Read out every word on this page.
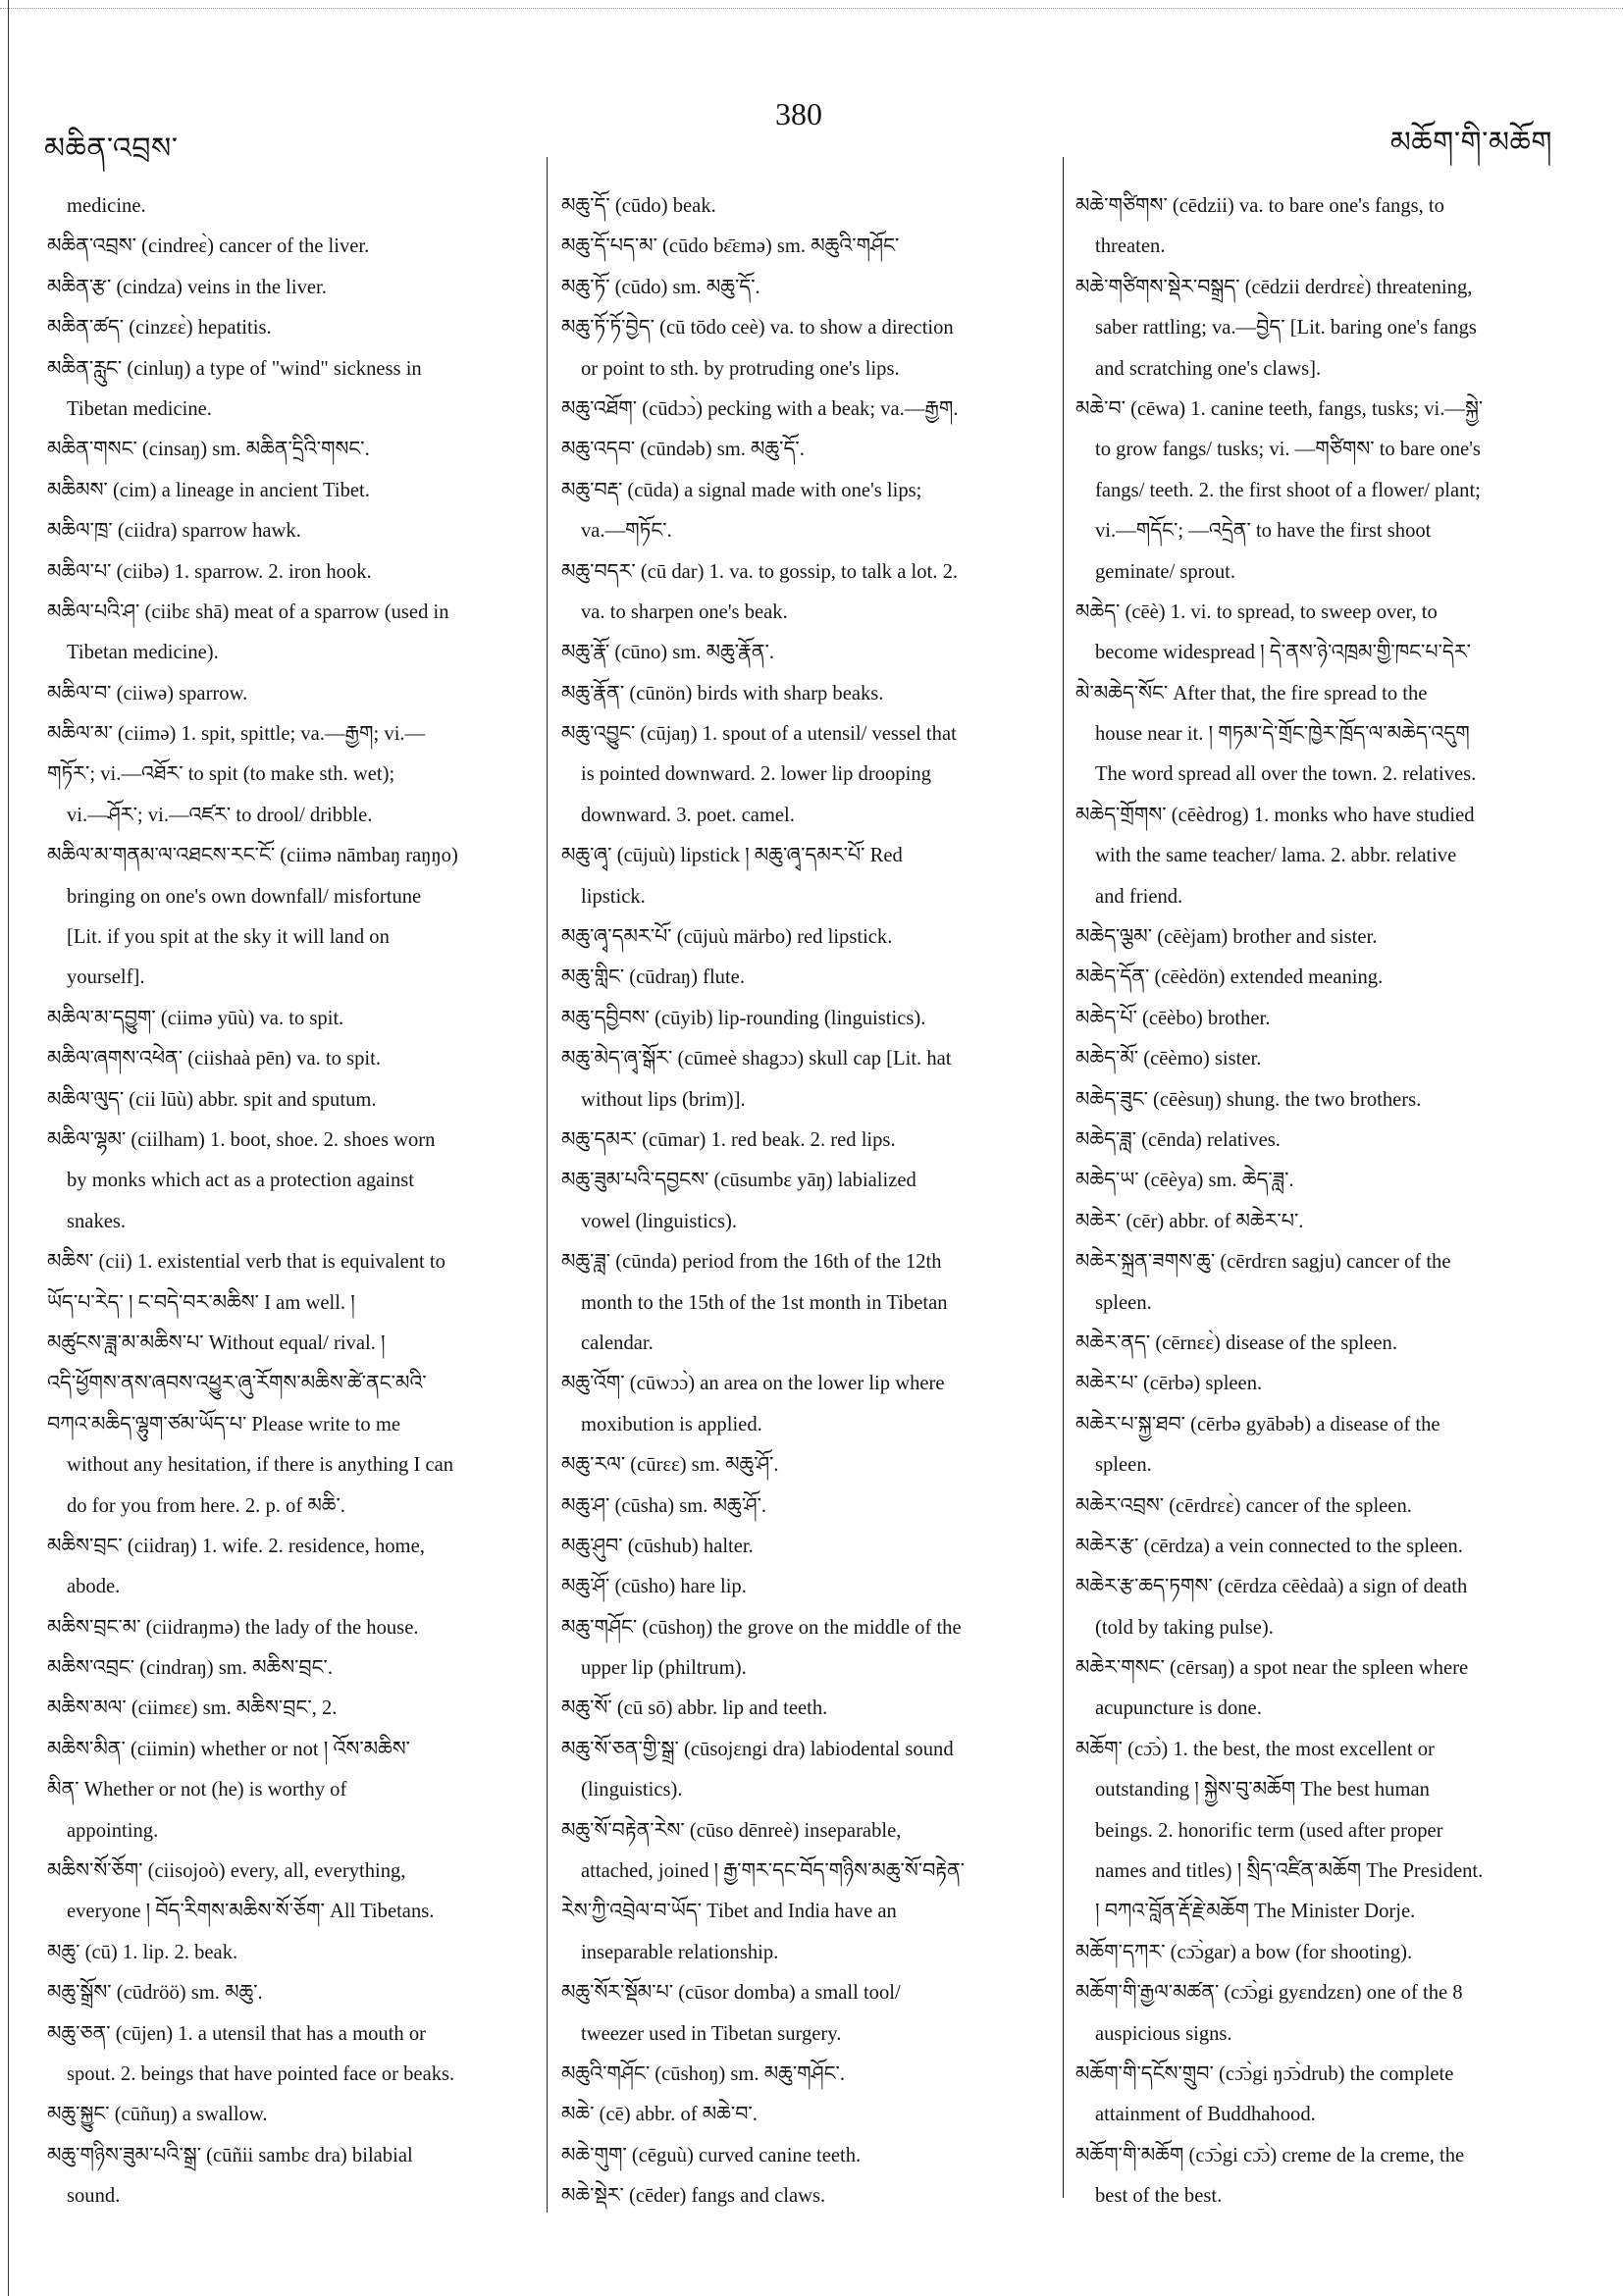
མཆིན་འབྲས་
380
མཆོག་གི་མཆོག
medicine.
མཆིན་འབྲས་ (cindreɛ̀) cancer of the liver.
མཆིན་རྩ་ (cindza) veins in the liver.
མཆིན་ཚད་ (cinzɛɛ̀) hepatitis.
མཆིན་རླུང་ (cinluŋ) a type of "wind" sickness in
Tibetan medicine.
མཆིན་གསང་ (cinsaŋ) sm. མཆིན་དྲིའི་གསང་.
མཆིམས་ (cim) a lineage in ancient Tibet.
མཆིལ་ཁྲ་ (ciidra) sparrow hawk.
མཆིལ་པ་ (ciibə) 1. sparrow. 2. iron hook.
མཆིལ་པའི་ཤ་ (ciibɛ shā) meat of a sparrow (used in
Tibetan medicine).
མཆིལ་བ་ (ciiwə) sparrow.
མཆིལ་མ་ (ciimə) 1. spit, spittle; va.—རྒྱག; vi.—
གཏོར་; vi.—འཐོར་ to spit (to make sth. wet);
vi.—ཤོར་; vi.—འཛར་ to drool/ dribble.
མཆིལ་མ་གནམ་ལ་འཐངས་རང་ངོ་ (ciimə nāmbaŋ raŋŋo)
bringing on one's own downfall/ misfortune
[Lit. if you spit at the sky it will land on
yourself].
མཆིལ་མ་དབྱུག་ (ciimə yūù) va. to spit.
མཆིལ་ཞགས་འཕེན་ (ciishaà pēn) va. to spit.
མཆིལ་ལུད་ (cii lūù) abbr. spit and sputum.
མཆིལ་ལྷམ་ (ciilham) 1. boot, shoe. 2. shoes worn
by monks which act as a protection against
snakes.
མཆིས་ (cii) 1. existential verb that is equivalent to
ཡོད་པ་རེད་ ། ང་བདེ་བར་མཆིས་ I am well. །
མཚུངས་ཟླ་མ་མཆིས་པ་ Without equal/ rival. །
འདི་ཕྱོགས་ནས་ཞབས་འཕྱུར་ཞུ་རོགས་མཆིས་ཚེ་ནང་མའི་
བཀའ་མཆིད་ལྷུག་ཙམ་ཡོད་པ་ Please write to me
without any hesitation, if there is anything I can
do for you from here. 2. p. of མཆི་.
མཆིས་བྲང་ (ciidraŋ) 1. wife. 2. residence, home,
abode.
མཆིས་བྲང་མ་ (ciidraŋmə) the lady of the house.
མཆིས་འབྲང་ (cindraŋ) sm. མཆིས་བྲང་.
མཆིས་མལ་ (ciimɛɛ) sm. མཆིས་བྲང་, 2.
མཆིས་མིན་ (ciimin) whether or not ། འོས་མཆིས་
མིན་ Whether or not (he) is worthy of
appointing.
མཆིས་སོ་ཅོག་ (ciisojoò) every, all, everything,
everyone ། བོད་རིགས་མཆིས་སོ་ཅོག་ All Tibetans.
མཆུ་ (cū) 1. lip. 2. beak.
མཆུ་སྒྲོས་ (cūdröö) sm. མཆུ་.
མཆུ་ཅན་ (cūjen) 1. a utensil that has a mouth or
spout. 2. beings that have pointed face or beaks.
མཆུ་སྐྱུང་ (cūñuŋ) a swallow.
མཆུ་གཉིས་ཟུམ་པའི་སྒྲ་ (cūñii sambɛ dra) bilabial
sound.
མཆུ་དོ་ (cūdo) beak.
མཆུ་དོ་པད་མ་ (cūdo bɛ̄ɛmə) sm. མཆུའི་གཤོང་
མཆུ་ཏོ་ (cūdo) sm. མཆུ་དོ་.
མཆུ་ཏོ་ཏོ་བྱེད་ (cū tōdo ceè) va. to show a direction
or point to sth. by protruding one's lips.
མཆུ་འཐོག་ (cūdɔɔ̀) pecking with a beak; va.—རྒྱག.
མཆུ་འདབ་ (cūndəb) sm. མཆུ་དོ་.
མཆུ་བརྡ་ (cūda) a signal made with one's lips;
va.—གཏོང་.
མཆུ་བདར་ (cū dar) 1. va. to gossip, to talk a lot. 2.
va. to sharpen one's beak.
མཆུ་རྣོ་ (cūno) sm. མཆུ་རྣོན་.
མཆུ་རྣོན་ (cūnön) birds with sharp beaks.
མཆུ་འབྱུང་ (cūjaŋ) 1. spout of a utensil/ vessel that
is pointed downward. 2. lower lip drooping
downward. 3. poet. camel.
མཆུ་ཞྭ་ (cūjuù) lipstick ། མཆུ་ཞྭ་དམར་པོ་ Red
lipstick.
མཆུ་ཞྭ་དམར་པོ་ (cūjuù märbo) red lipstick.
མཆུ་གླིང་ (cūdraŋ) flute.
མཆུ་དབྱིབས་ (cūyib) lip-rounding (linguistics).
མཆུ་མེད་ཞྭ་སྒོར་ (cūmeè shagɔɔ) skull cap [Lit. hat
without lips (brim)].
མཆུ་དམར་ (cūmar) 1. red beak. 2. red lips.
མཆུ་ཟུམ་པའི་དབྱངས་ (cūsumbɛ yāŋ) labialized
vowel (linguistics).
མཆུ་ཟླ་ (cūnda) period from the 16th of the 12th
month to the 15th of the 1st month in Tibetan
calendar.
མཆུ་འོག་ (cūwɔɔ̀) an area on the lower lip where
moxibution is applied.
མཆུ་རལ་ (cūrɛɛ) sm. མཆུ་ཤོ་.
མཆུ་ཤ་ (cūsha) sm. མཆུ་ཤོ་.
མཆུ་ཤུབ་ (cūshub) halter.
མཆུ་ཤོ་ (cūsho) hare lip.
མཆུ་གཤོང་ (cūshoŋ) the grove on the middle of the
upper lip (philtrum).
མཆུ་སོ་ (cū sō) abbr. lip and teeth.
མཆུ་སོ་ཅན་གྱི་སྒྲ་ (cūsojɛngi dra) labiodental sound
(linguistics).
མཆུ་སོ་བརྟེན་རེས་ (cūso dēnreè) inseparable,
attached, joined ། རྒྱ་གར་དང་བོད་གཉིས་མཆུ་སོ་བརྟེན་
རེས་ཀྱི་འབྲེལ་བ་ཡོད་ Tibet and India have an
inseparable relationship.
མཆུ་སོར་སྡོམ་པ་ (cūsor domba) a small tool/
tweezer used in Tibetan surgery.
མཆུའི་གཤོང་ (cūshoŋ) sm. མཆུ་གཤོང་.
མཆེ་ (cē) abbr. of མཆེ་བ་.
མཆེ་གུག་ (cēguù) curved canine teeth.
མཆེ་སྡེར་ (cēder) fangs and claws.
མཆེ་གཙིགས་ (cēdzii) va. to bare one's fangs, to
threaten.
མཆེ་གཙིགས་སྡེར་བསྒྲད་ (cēdzii derdrɛɛ̀) threatening,
saber rattling; va.—བྱེད་ [Lit. baring one's fangs
and scratching one's claws].
མཆེ་བ་ (cēwa) 1. canine teeth, fangs, tusks; vi.—སྐྱེ་
to grow fangs/ tusks; vi. —གཙིགས་ to bare one's
fangs/ teeth. 2. the first shoot of a flower/ plant;
vi.—གདོང་; —འདྲེན་ to have the first shoot
geminate/ sprout.
མཆེད་ (cēè) 1. vi. to spread, to sweep over, to
become widespread ། དེ་ནས་ཉེ་འཁྲམ་གྱི་ཁང་པ་དེར་
མེ་མཆེད་སོང་ After that, the fire spread to the
house near it. ། གཏམ་དེ་གྲོང་ཁྱེར་ཁྲོད་ལ་མཆེད་འདུག
The word spread all over the town. 2. relatives.
མཆེད་གྲོགས་ (cēèdrog) 1. monks who have studied
with the same teacher/ lama. 2. abbr. relative
and friend.
མཆེད་ལྕམ་ (cēèjam) brother and sister.
མཆེད་དོན་ (cēèdön) extended meaning.
མཆེད་པོ་ (cēèbo) brother.
མཆེད་མོ་ (cēèmo) sister.
མཆེད་ཟུང་ (cēèsuŋ) shung. the two brothers.
མཆེད་ཟླ་ (cēnda) relatives.
མཆེད་ཡ་ (cēèya) sm. ཆེད་ཟླ་.
མཆེར་ (cēr) abbr. of མཆེར་པ་.
མཆེར་སྐྲན་ཟགས་ཆུ་ (cērdrɛn sagju) cancer of the
spleen.
མཆེར་ནད་ (cērnɛɛ̀) disease of the spleen.
མཆེར་པ་ (cērbə) spleen.
མཆེར་པ་སྐྱ་ཐབ་ (cērbə gyābəb) a disease of the
spleen.
མཆེར་འབྲས་ (cērdrɛɛ̀) cancer of the spleen.
མཆེར་རྩ་ (cērdza) a vein connected to the spleen.
མཆེར་རྩ་ཆད་ཏགས་ (cērdza cēèdaà) a sign of death
(told by taking pulse).
མཆེར་གསང་ (cērsaŋ) a spot near the spleen where
acupuncture is done.
མཆོག་ (cɔ̄ɔ̀) 1. the best, the most excellent or
outstanding ། སྐྱེས་བུ་མཆོག The best human
beings. 2. honorific term (used after proper
names and titles) ། སྲིད་འཛིན་མཆོག The President.
། བཀའ་བློན་རྡོ་རྗེ་མཆོག The Minister Dorje.
མཆོག་དཀར་ (cɔ̄ɔ̀gar) a bow (for shooting).
མཆོག་གི་རྒྱལ་མཚན་ (cɔ̄ɔ̀gi gyɛndzɛn) one of the 8
auspicious signs.
མཆོག་གི་དངོས་གྲུབ་ (cɔ̄ɔ̀gi ŋɔ̄ɔ̀drub) the complete
attainment of Buddhahood.
མཆོག་གི་མཆོག (cɔ̄ɔ̀gi cɔ̄ɔ̀) creme de la creme, the
best of the best.
